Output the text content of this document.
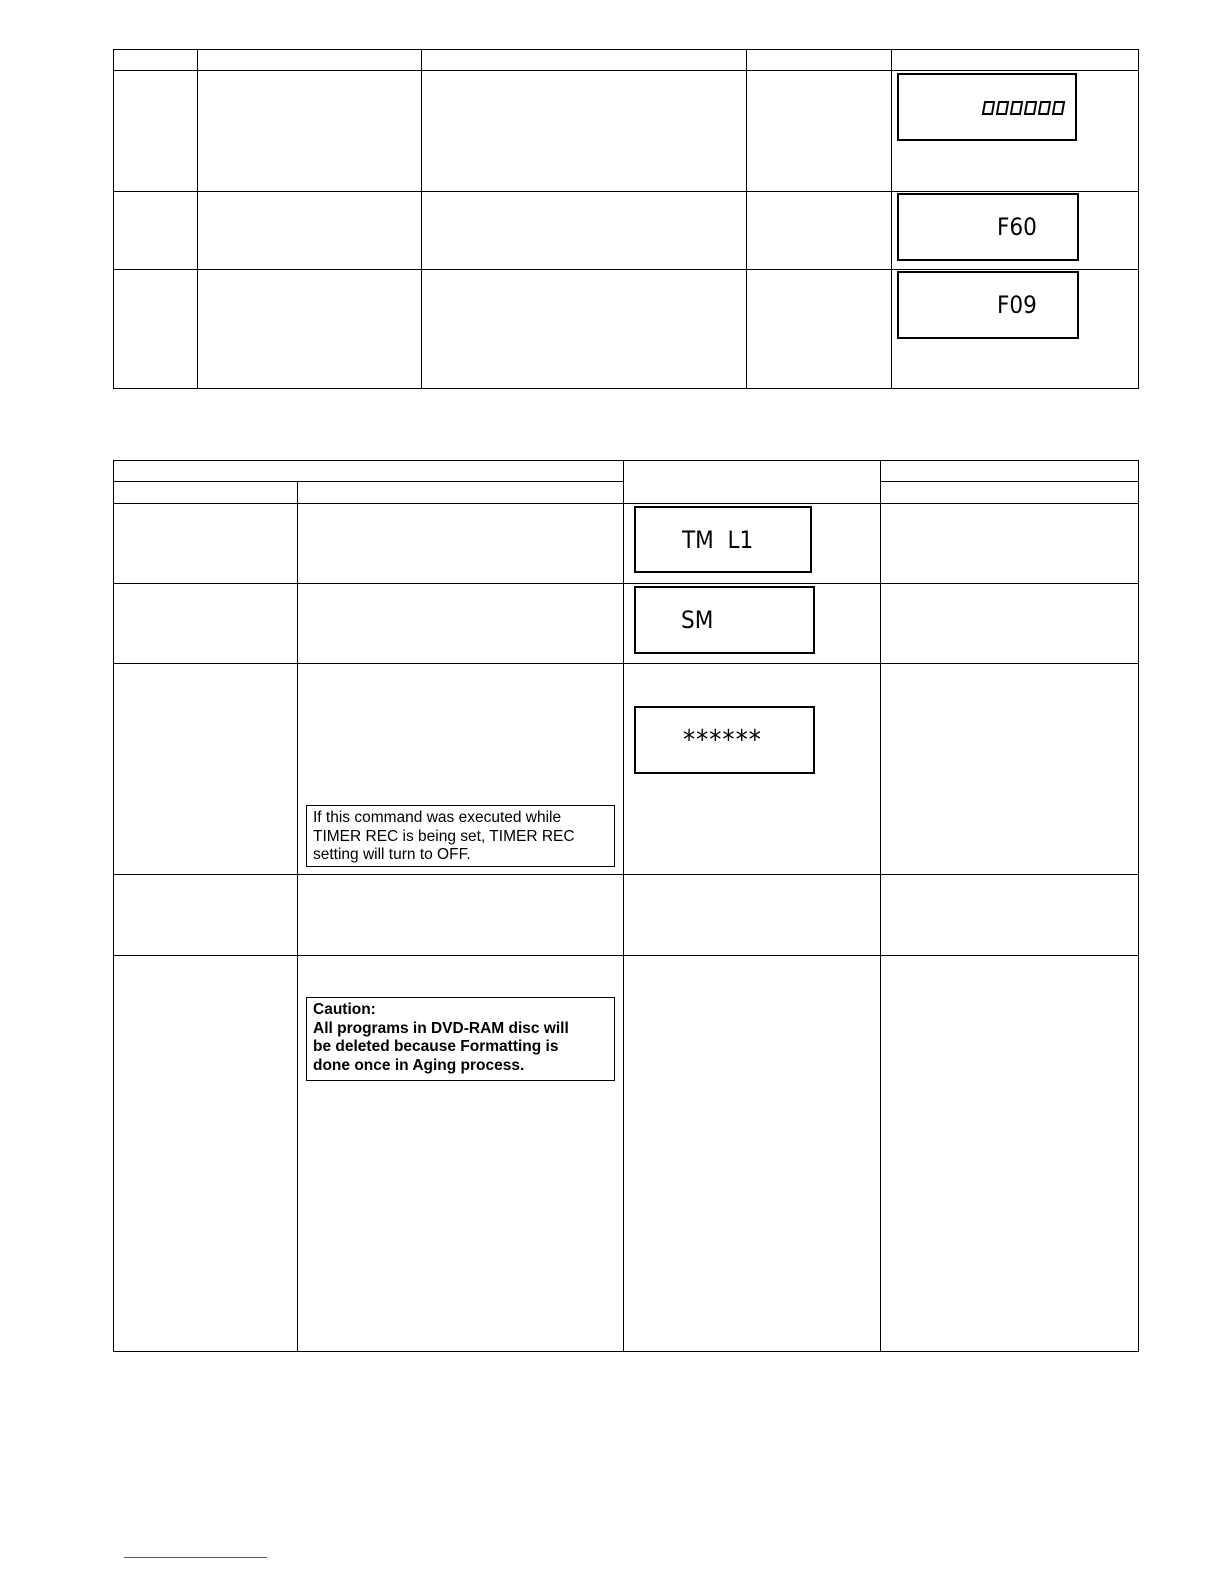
F60
F09
TM  L1
SM
******
If this command was executed while
TIMER REC is being set, TIMER REC
setting will turn to OFF.
Caution:
All programs in DVD-RAM disc will
be deleted because Formatting is
done once in Aging process.
